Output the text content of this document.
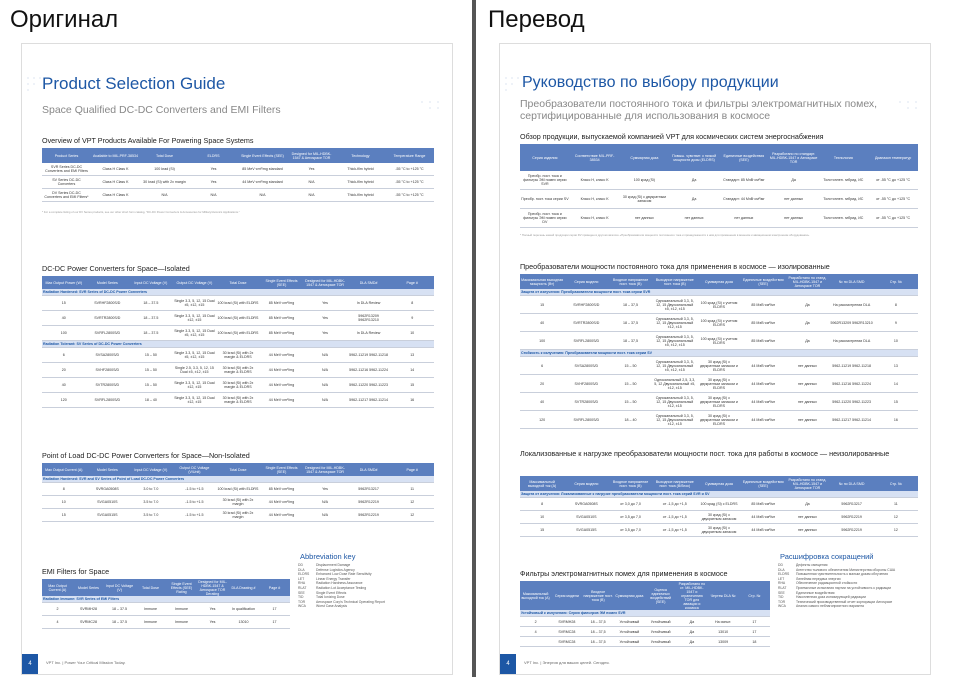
Оригинал	Перевод
Product Selection Guide
Space Qualified DC-DC Converters and EMI Filters
Overview of VPT Products Available For Powering Space Systems
Product Series	Available to MIL-PRF-38534	Total Dose	ELDRS	Single Event Effects (SEE)	Designed for MIL-HDBK-1547 & Aerospace TOR	Technology	Temperature Range
SVR Series DC-DC Converters and EMI Filters	Class H Class K	100 krad (Si)	Yes	85 MeV·cm²/mg standard	Yes	Thick-film hybrid	-55 °C to +125 °C
SV Series DC-DC Converters	Class H Class K	30 krad (Si) with 2x margin	Yes	44 MeV·cm²/mg standard	N/A	Thick-film hybrid	-55 °C to +125 °C
DV Series DC-DC Converters and EMI Filters*	Class H Class K	N/A	N/A	N/A	N/A	Thick-film hybrid	-55 °C to +125 °C
* For a complete listing of our DV Series products, see our other short form catalog, "DC-DC Power Converters & Accessories for Military/Avionics Applications."
DC-DC Power Converters for Space—Isolated
Max Output Power (W)	Model Series	Input DC Voltage (V)	Output DC Voltage (V)	Total Dose	Single Event Effects (SEE)	Designed for MIL-HDBK-1547 & Aerospace TOR	DLA SMD#	Page #
Radiation Hardened: SVR Series of DC-DC Power Converters								
15	SVRHF2800S/D	18 – 37.5	Single 3.3, 5, 12, 15 Dual ±5, ±12, ±15	100 krad (Si) with ELDRS	85 MeV·cm²/mg	Yes	In DLA Review	8
40	SVRTR2800S/D	18 – 37.5	Single 3.3, 5, 12, 15 Dual ±12, ±15	100 krad (Si) with ELDRS	85 MeV·cm²/mg	Yes	5962R13209 5962R13210	9
100	SVRFL2800S/D	18 – 37.5	Single 3.3, 5, 12, 15 Dual ±5, ±12, ±15	100 krad (Si) with ELDRS	85 MeV·cm²/mg	Yes	In DLA Review	10
Radiation Tolerant: SV Series of DC-DC Power Converters								
6	SVSA2800S/D	15 – 50	Single 3.3, 5, 12, 15 Dual ±5, ±12, ±15	30 krad (Si) with 2x margin & ELDRS	44 MeV·cm²/mg	N/A	5962-11219 5962-11218	13
20	SVHF2800S/D	15 – 50	Single 2.5, 3.3, 5, 12, 15 Dual ±5, ±12, ±15	30 krad (Si) with 2x margin & ELDRS	44 MeV·cm²/mg	N/A	5962-11216 5962-11224	14
40	SVTR2800S/D	15 – 50	Single 3.3, 5, 12, 15 Dual ±12, ±15	30 krad (Si) with 2x margin & ELDRS	44 MeV·cm²/mg	N/A	5962-11220 5962-11223	15
120	SVRFL2800S/D	18 – 40	Single 3.3, 5, 12, 15 Dual ±12, ±15	30 krad (Si) with 2x margin & ELDRS	44 MeV·cm²/mg	N/A	5962-11217 5962-11214	16
Point of Load DC-DC Power Converters for Space—Non-Isolated
Max Output Current (A)	Model Series	Input DC Voltage (V)	Output DC Voltage (V/Unit)	Total Dose	Single Event Effects (SEE)	Designed for MIL-HDBK-1547 & Aerospace TOR	DLA SMD#	Page #
Radiation Hardened: SVR and SV Series of Point of Load DC-DC Power Converters								
8	SVRGA0508S	3.0 to 7.0	-1.5 to +1.5	100 krad (Si) with ELDRS	85 MeV·cm²/mg	Yes	5962R13217	11
10	SVGA0510S	3.5 to 7.0	-1.5 to +1.5	30 krad (Si) with 2x margin	44 MeV·cm²/mg	N/A	5962R12219	12
15	SVGA0515S	3.5 to 7.0	-1.5 to +1.5	30 krad (Si) with 2x margin	44 MeV·cm²/mg	N/A	5962R12219	12
EMI Filters for Space
Max Output Current (A)	Model Series	Input DC Voltage (V)	Total Dose	Single Event Effects (SEE) Rating	Designed for MIL-HDBK-1547 & Aerospace TOR Derating	DLA Drawing #	Page #
Radiation Immune: SVR Series of EMI Filters							
2	SVRMH28	18 – 37.5	Immune	Immune	Yes	In qualification	17
4	SVRMC28	18 – 37.5	Immune	Immune	Yes	13010	17
Abbreviation key
DD	Displacement Damage
DLA	Defense Logistics Agency
ELDRS	Enhanced Low Dose Rate Sensitivity
LET	Linear Energy Transfer
RHA	Radiation Hardness Assurance
RLAT	Radiation Lot Acceptance Testing
SEE	Single Event Effects
TID	Total Ionizing Dose
TOR	Aerospace Corp's Technical Operating Report
WCA	Worst Case Analysis
4	VPT Inc. | Power Your Critical Mission Today.
Руководство по выбору продукции
Преобразователи постоянного тока и фильтры электромагнитных помех, сертифицированные для использования в космосе
Обзор продукции, выпускаемой компанией VPT для космических систем энергоснабжения
Серия изделия	Соответствие MIL-PRF-38534	Суммарная доза	Повыш. чувствит. к низкой мощности дозы (ELDRS)	Единичные воздействия (SEE)	Разработано по стандарт. MIL-HDBK-1547 и Aerospace TOR	Технология	Диапазон температур
Преобр. пост. тока и фильтры ЭМ помех серии SVR	Класс H, класс K	100 крад (Si)	Да	Стандарт: 85 МэВ·см²/мг	Да	Толстоплен. гибрид. ИС	от -55 °C до +125 °C
Преобр. пост. тока серии SV	Класс H, класс K	30 крад (Si) с двукратным запасом	Да	Стандарт: 44 МэВ·см²/мг	нет данных	Толстоплен. гибрид. ИС	от -55 °C до +125 °C
Преобр. пост. тока и фильтры ЭМ помех серии DV	Класс H, класс K	нет данных	нет данных	нет данных	нет данных	Толстоплен. гибрид. ИС	от -55 °C до +125 °C
* Полный перечень нашей продукции серии DV приведен в другом каталоге «Преобразователи мощности постоянного тока и принадлежности к ним для применения в военном и авиационном электронном оборудовании».
Преобразователи мощности постоянного тока для применения в космосе — изолированные
Максимальная выходная мощность (Вт)	Серия модели	Входное напряжение пост. тока (В)	Выходное напряжение пост. тока (В)	Суммарная доза	Единичные воздействия (SEE)	Разработано по станд. MIL-HDBK-1547 и Aerospace TOR	№ по DLA SMD	Стр. №
Защита от излучения: Преобразователи мощности пост. тока серии SVR								
15	SVRHF2800S/D	18 – 37,5	Одноканальный 3,3, 5, 12, 15 Двухканальный ±5, ±12, ±15	100 крад (Si) с учетом ELDRS	85 МэВ·см²/мг	Да	На рассмотрении DLA	8
40	SVRTR2800S/D	18 – 37,5	Одноканальный 3,3, 5, 12, 15 Двухканальный ±12, ±15	100 крад (Si) с учетом ELDRS	85 МэВ·см²/мг	Да	5962R13209 5962R13210	9
100	SVRFL2800S/D	18 – 37,5	Одноканальный 3,3, 5, 12, 15 Двухканальный ±5, ±12, ±15	100 крад (Si) с учетом ELDRS	85 МэВ·см²/мг	Да	На рассмотрении DLA	10
Стойкость к излучению: Преобразователи мощности пост. тока серии SV								
6	SVSA2800S/D	15 – 50	Одноканальный 3,3, 5, 12, 15 Двухканальный ±5, ±12, ±15	30 крад (Si) с двукратным запасом и ELDRS	44 МэВ·см²/мг	нет данных	5962-11219 5962-11218	13
20	SVHF2800S/D	15 – 50	Одноканальный 2,5, 3,3, 5, 12 Двухканальный ±5, ±12, ±15	30 крад (Si) с двукратным запасом и ELDRS	44 МэВ·см²/мг	нет данных	5962-11216 5962-11224	14
40	SVTR2800S/D	15 – 50	Одноканальный 3,3, 5, 12, 15 Двухканальный ±12, ±15	30 крад (Si) с двукратным запасом и ELDRS	44 МэВ·см²/мг	нет данных	5962-11220 5962-11223	15
120	SVRFL2800S/D	18 – 40	Одноканальный 3,3, 5, 12, 15 Двухканальный ±12, ±15	30 крад (Si) с двукратным запасом и ELDRS	44 МэВ·см²/мг	нет данных	5962-11217 5962-11214	16
Локализованные к нагрузке преобразователи мощности пост. тока для работы в космосе — неизолированные
Максимальный выходной ток (А)	Серия модели	Входное напряжение пост. тока (В)	Выходное напряжение пост. тока (В/блок)	Суммарная доза	Единичные воздействия (SEE)	Разработано по станд. MIL-HDBK-1547 и Aerospace TOR	№ по DLA SMD	Стр. №
Защита от излучения: Локализованные к нагрузке преобразователи мощности пост. тока серий SVR и SV								
8	SVRGA0508S	от 3,0 до 7,0	от -1,5 до +1,5	100 крад (Si) с ELDRS	85 МэВ·см²/мг	Да	5962R13217	11
10	SVGA0510S	от 3,5 до 7,0	от -1,5 до +1,5	30 крад (Si) с двукратным запасом	44 МэВ·см²/мг	нет данных	5962R12219	12
15	SVGA0515S	от 3,5 до 7,0	от -1,5 до +1,5	30 крад (Si) с двукратным запасом	44 МэВ·см²/мг	нет данных	5962R12219	12
Фильтры электромагнитных помех для применения в космосе
Максимальный выходной ток (А)	Серия модели	Входное напряжение пост. тока (В)	Суммарная доза	Оценка единичных воздействий (SEE)	Разработано по ст. MIL-HDBK-1547 и ограничению TOR для авиации и космоса	Чертеж DLA №	Стр. №
Устойчивый к излучению: Серия фильтров ЭМ помех SVR							
2	SVRMH28	18 – 37,5	Устойчивый	Устойчивый	Да	На испыт.	17
4	SVRMC28	18 – 37,5	Устойчивый	Устойчивый	Да	13010	17
	SVRMC28	18 – 37,5	Устойчивый	Устойчивый	Да	13009	18
Расшифровка сокращений
DD	Дефекты смещения
DLA	Агентство тылового обеспечения Министерства обороны США
ELDRS	Повышенная чувствительность к малым дозам облучения
LET	Линейная передача энергии
RHA	Обеспечение радиационной стойкости
RLAT	Приемочные испытания партии на устойчивость к радиации
SEE	Единичные воздействия
TID	Накопленная доза ионизирующей радиации
TOR	Технический производственный отчет корпорации Aerospace
WCA	Анализ самого неблагоприятного варианта
4	VPT Inc. | Энергия для ваших целей. Сегодня.
